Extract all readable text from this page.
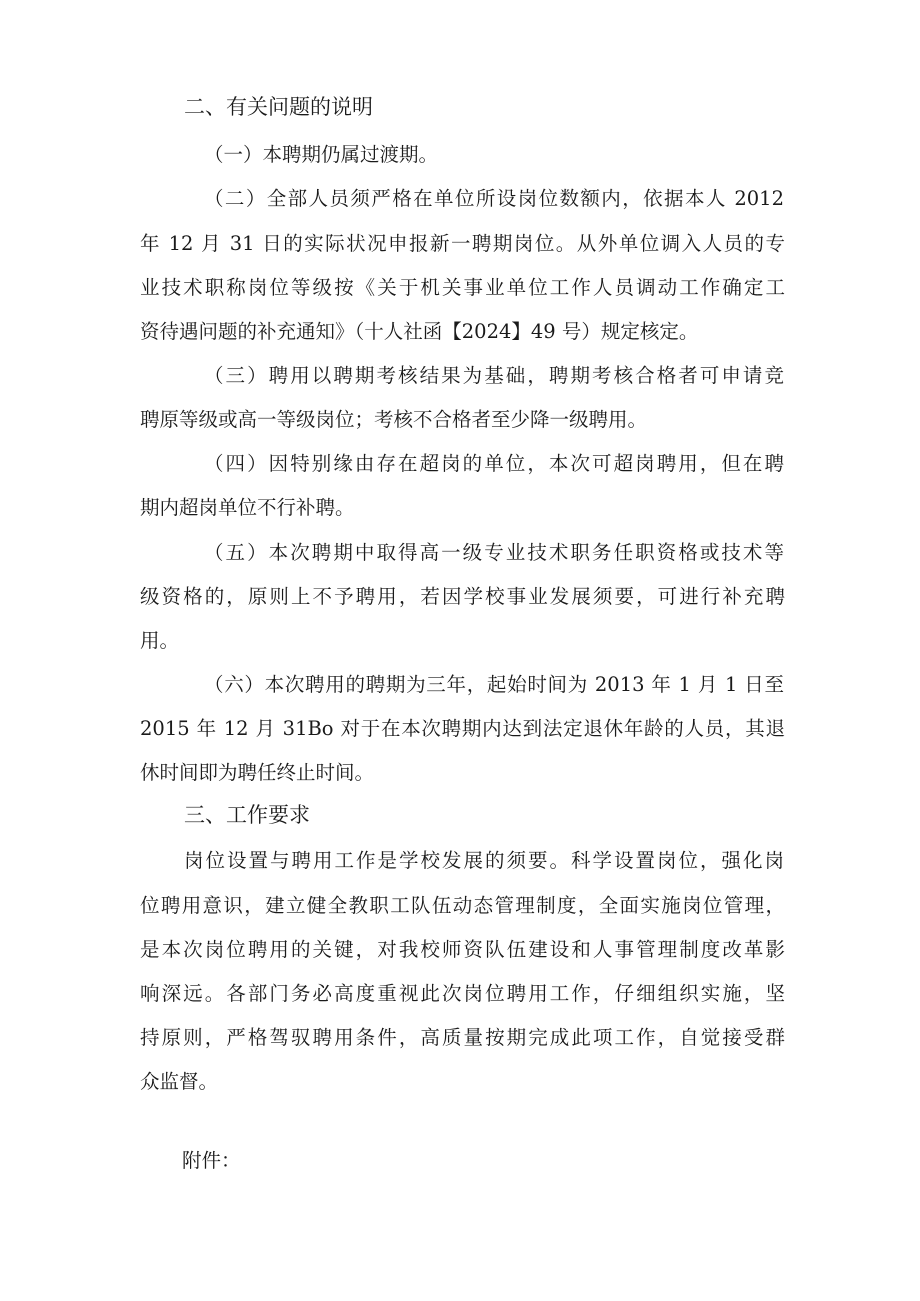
二、有关问题的说明

（一）本聘期仍属过渡期。

（二）全部人员须严格在单位所设岗位数额内，依据本人 2012

年 12 月 31 日的实际状况申报新一聘期岗位。从外单位调入人员的专

业技术职称岗位等级按《关于机关事业单位工作人员调动工作确定工

资待遇问题的补充通知》（十人社函【2024】49 号）规定核定。

（三）聘用以聘期考核结果为基础，聘期考核合格者可申请竞

聘原等级或高一等级岗位；考核不合格者至少降一级聘用。

（四）因特别缘由存在超岗的单位，本次可超岗聘用，但在聘

期内超岗单位不行补聘。

（五）本次聘期中取得高一级专业技术职务任职资格或技术等

级资格的，原则上不予聘用，若因学校事业发展须要，可进行补充聘

用。

（六）本次聘用的聘期为三年，起始时间为 2013 年 1 月 1 日至

2015 年 12 月 31Bo 对于在本次聘期内达到法定退休年龄的人员，其退

休时间即为聘任终止时间。

三、工作要求

岗位设置与聘用工作是学校发展的须要。科学设置岗位，强化岗

位聘用意识，建立健全教职工队伍动态管理制度，全面实施岗位管理，

是本次岗位聘用的关键，对我校师资队伍建设和人事管理制度改革影

响深远。各部门务必高度重视此次岗位聘用工作，仔细组织实施，坚

持原则，严格驾驭聘用条件，高质量按期完成此项工作，自觉接受群

众监督。

附件：
